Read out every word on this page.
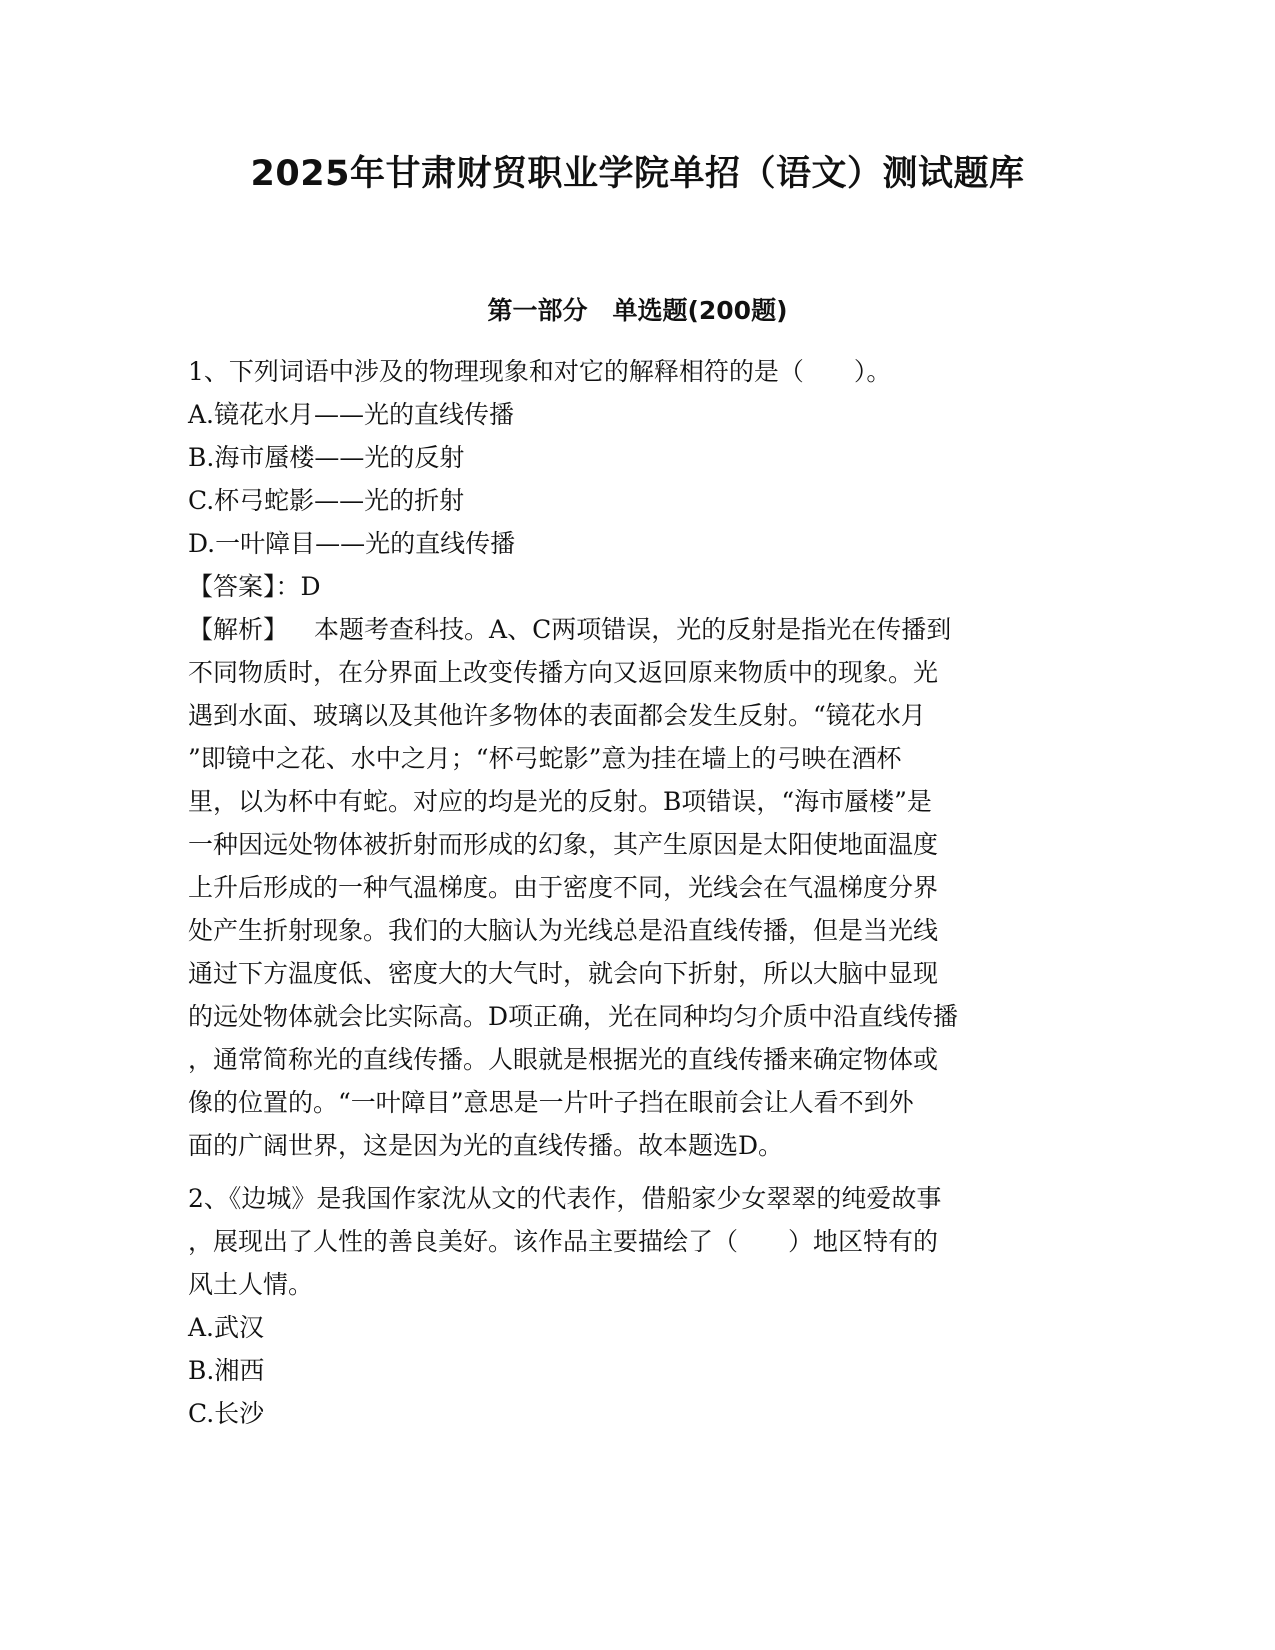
2025年甘肃财贸职业学院单招（语文）测试题库
第一部分　单选题(200题)
1、下列词语中涉及的物理现象和对它的解释相符的是（　　）。
A.镜花水月——光的直线传播
B.海市蜃楼——光的反射
C.杯弓蛇影——光的折射
D.一叶障目——光的直线传播
【答案】：D
【解析】 本题考查科技。A、C两项错误，光的反射是指光在传播到
不同物质时，在分界面上改变传播方向又返回原来物质中的现象。光
遇到水面、玻璃以及其他许多物体的表面都会发生反射。“镜花水月
”即镜中之花、水中之月；“杯弓蛇影”意为挂在墙上的弓映在酒杯
里，以为杯中有蛇。对应的均是光的反射。B项错误，“海市蜃楼”是
一种因远处物体被折射而形成的幻象，其产生原因是太阳使地面温度
上升后形成的一种气温梯度。由于密度不同，光线会在气温梯度分界
处产生折射现象。我们的大脑认为光线总是沿直线传播，但是当光线
通过下方温度低、密度大的大气时，就会向下折射，所以大脑中显现
的远处物体就会比实际高。D项正确，光在同种均匀介质中沿直线传播
，通常简称光的直线传播。人眼就是根据光的直线传播来确定物体或
像的位置的。“一叶障目”意思是一片叶子挡在眼前会让人看不到外
面的广阔世界，这是因为光的直线传播。故本题选D。
2、《边城》是我国作家沈从文的代表作，借船家少女翠翠的纯爱故事
，展现出了人性的善良美好。该作品主要描绘了（　　）地区特有的
风土人情。
A.武汉
B.湘西
C.长沙
